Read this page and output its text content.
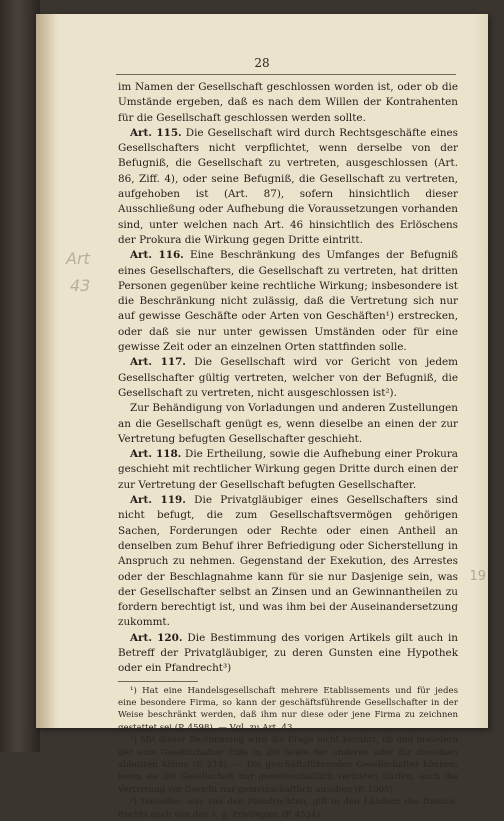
Art
43
19
28

im Namen der Gesellschaft geschlossen worden ist, oder ob die Umstände ergeben, daß es nach dem Willen der Kontrahenten für die Gesellschaft geschlossen werden sollte.

Art. 115. Die Gesellschaft wird durch Rechtsgeschäfte eines Gesellschafters nicht verpflichtet, wenn derselbe von der Befugniß, die Gesellschaft zu vertreten, ausgeschlossen (Art. 86, Ziff. 4), oder seine Befugniß, die Gesellschaft zu vertreten, aufgehoben ist (Art. 87), sofern hinsichtlich dieser Ausschließung oder Aufhebung die Voraussetzungen vorhanden sind, unter welchen nach Art. 46 hinsichtlich des Erlöschens der Prokura die Wirkung gegen Dritte eintritt.

Art. 116. Eine Beschränkung des Umfanges der Befugniß eines Gesellschafters, die Gesellschaft zu vertreten, hat dritten Personen gegenüber keine rechtliche Wirkung; insbesondere ist die Beschränkung nicht zulässig, daß die Vertretung sich nur auf gewisse Geschäfte oder Arten von Geschäften¹) erstrecken, oder daß sie nur unter gewissen Umständen oder für eine gewisse Zeit oder an einzelnen Orten stattfinden solle.

Art. 117. Die Gesellschaft wird vor Gericht von jedem Gesellschafter gültig vertreten, welcher von der Befugniß, die Gesellschaft zu vertreten, nicht ausgeschlossen ist²).

Zur Behändigung von Vorladungen und anderen Zustellungen an die Gesellschaft genügt es, wenn dieselbe an einen der zur Vertretung befugten Gesellschafter geschieht.

Art. 118. Die Ertheilung, sowie die Aufhebung einer Prokura geschieht mit rechtlicher Wirkung gegen Dritte durch einen der zur Vertretung der Gesellschaft befugten Gesellschafter.

Art. 119. Die Privatgläubiger eines Gesellschafters sind nicht befugt, die zum Gesellschaftsvermögen gehörigen Sachen, Forderungen oder Rechte oder einen Antheil an denselben zum Behuf ihrer Befriedigung oder Sicherstellung in Anspruch zu nehmen. Gegenstand der Exekution, des Arrestes oder der Beschlagnahme kann für sie nur Dasjenige sein, was der Gesellschafter selbst an Zinsen und an Gewinnantheilen zu fordern berechtigt ist, und was ihm bei der Auseinandersetzung zukommt.

Art. 120. Die Bestimmung des vorigen Artikels gilt auch in Betreff der Privatgläubiger, zu deren Gunsten eine Hypothek oder ein Pfandrecht³)

¹) Hat eine Handelsgesellschaft mehrere Etablissements und für jedes eine besondere Firma, so kann der geschäftsführende Gesellschafter in der Weise beschränkt werden, daß ihm nur diese oder jene Firma zu zeichnen gestattet sei (P. 4598). — Vgl. zu Art. 43.

²) Mit dieser Bestimmung wird die Frage nicht berührt, ob und inwiefern der eine Gesellschafter Eide in die Seele der anderen oder für dieselben ableisten könne (P. 215). — Die geschäftsführenden Gesellschafter können, wenn sie die Gesellschaft nur gemeinschaftlich vertreten dürfen, auch die Vertretung vor Gericht nur gemeinschaftlich ausüben (P. 1005).

³) Dasselbe, was von den Pfandrechten, gilt in den Ländern des französ. Rechts auch von den s. g. Privilegien (P. 4524).
